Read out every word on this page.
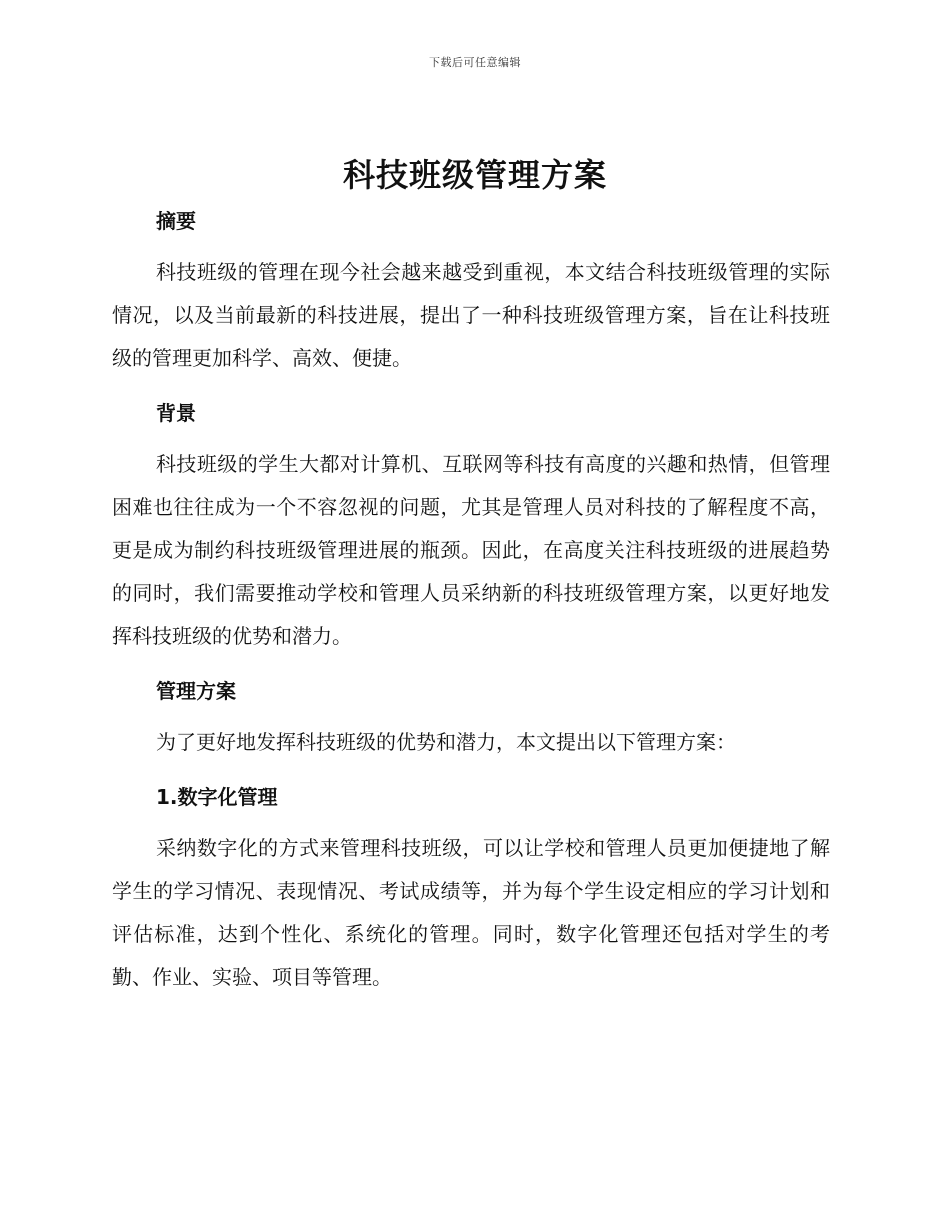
下载后可任意编辑
科技班级管理方案
摘要

科技班级的管理在现今社会越来越受到重视，本文结合科技班级管理的实际情况，以及当前最新的科技进展，提出了一种科技班级管理方案，旨在让科技班级的管理更加科学、高效、便捷。

背景

科技班级的学生大都对计算机、互联网等科技有高度的兴趣和热情，但管理困难也往往成为一个不容忽视的问题，尤其是管理人员对科技的了解程度不高，更是成为制约科技班级管理进展的瓶颈。因此，在高度关注科技班级的进展趋势的同时，我们需要推动学校和管理人员采纳新的科技班级管理方案，以更好地发挥科技班级的优势和潜力。

管理方案

为了更好地发挥科技班级的优势和潜力，本文提出以下管理方案：

1.数字化管理

采纳数字化的方式来管理科技班级，可以让学校和管理人员更加便捷地了解学生的学习情况、表现情况、考试成绩等，并为每个学生设定相应的学习计划和评估标准，达到个性化、系统化的管理。同时，数字化管理还包括对学生的考勤、作业、实验、项目等管理。
